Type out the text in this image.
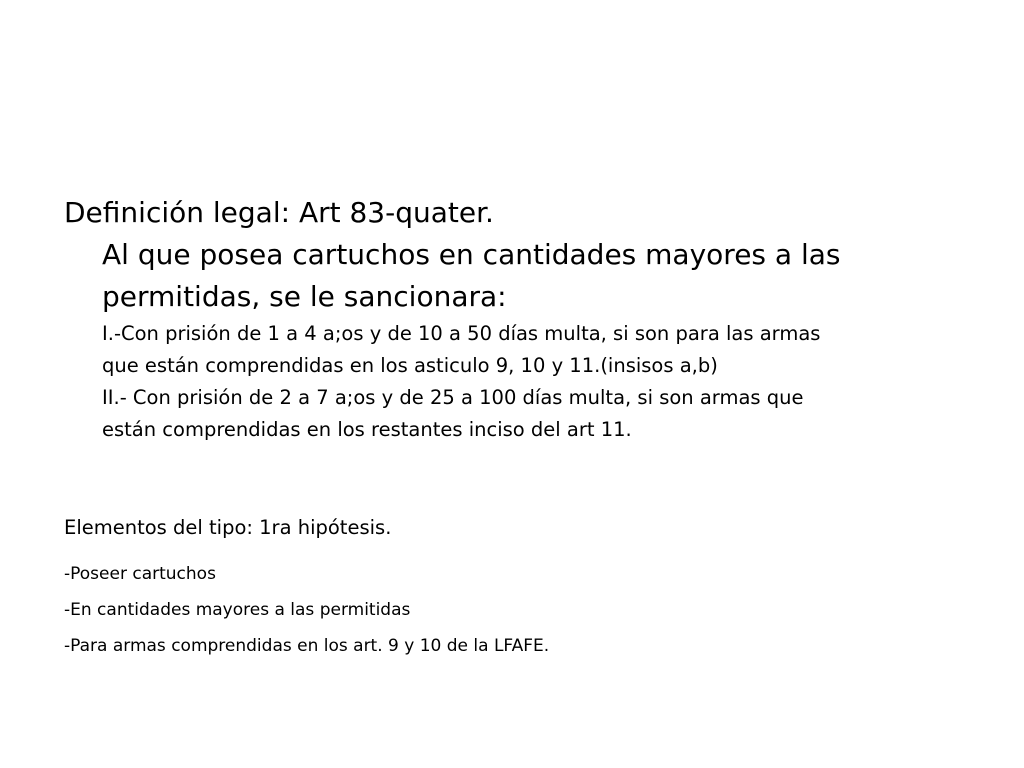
Definición legal: Art 83-quater.

Al que posea cartuchos en cantidades mayores a las

permitidas, se le sancionara:

I.-Con prisión de 1 a 4 a;os y de 10 a 50 días multa, si son para las armas

que están comprendidas en los asticulo 9, 10 y 11.(insisos a,b)

II.- Con prisión de 2 a 7 a;os y de 25 a 100 días multa, si son armas que

están comprendidas en los restantes inciso del art 11.

Elementos del tipo: 1ra hipótesis.

-Poseer cartuchos
-En cantidades mayores a las permitidas
-Para armas comprendidas en los art. 9 y 10 de la LFAFE.
